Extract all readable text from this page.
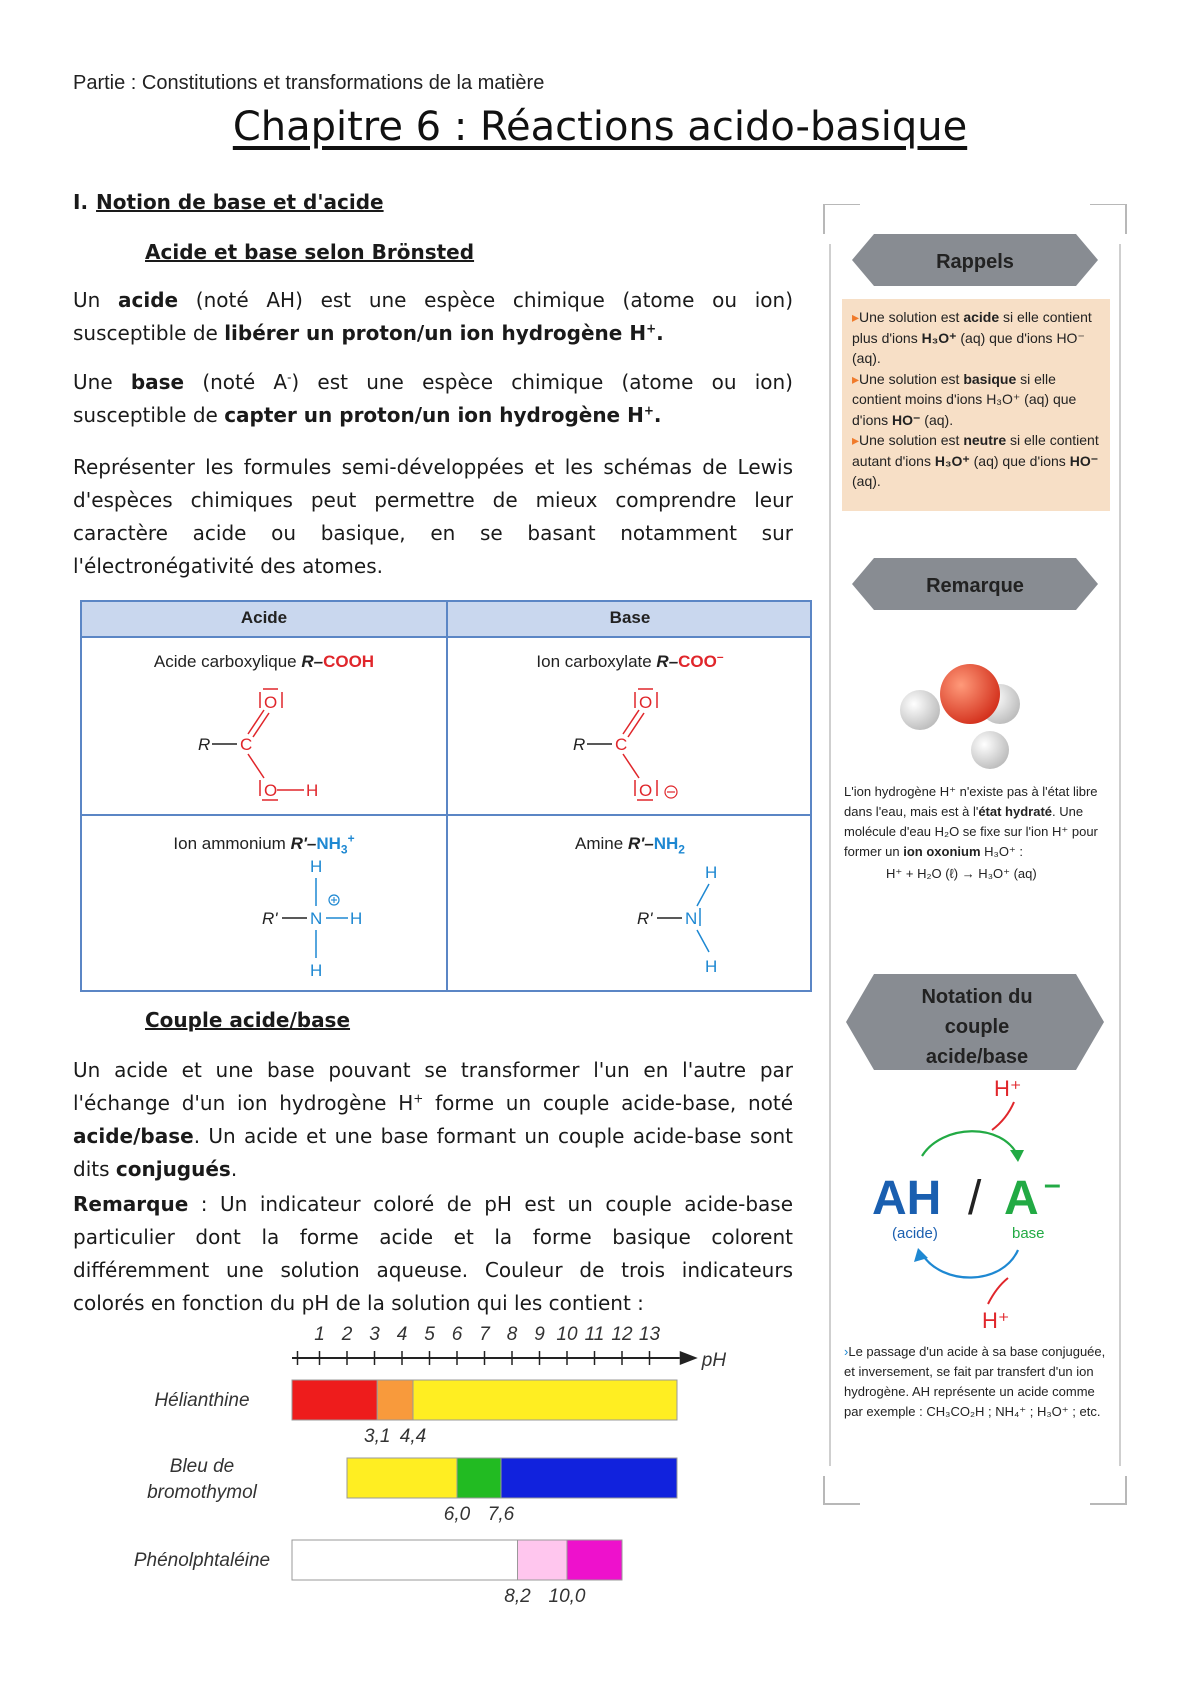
Partie : Constitutions et transformations de la matière
Chapitre 6 : Réactions acido-basique
I. Notion de base et d'acide
Acide et base selon Brönsted
Un acide (noté AH) est une espèce chimique (atome ou ion) susceptible de libérer un proton/un ion hydrogène H+.
Une base (noté A-) est une espèce chimique (atome ou ion) susceptible de capter un proton/un ion hydrogène H+.
Représenter les formules semi-développées et les schémas de Lewis d'espèces chimiques peut permettre de mieux comprendre leur caractère acide ou basique, en se basant notamment sur l'électronégativité des atomes.
Acide	Base
Acide carboxylique R–COOH	Ion carboxylate R–COO–
Ion ammonium $R'-NH_3^+$	Amine $R'-NH_2$
R C
O
O H
R C
O
O
R' N
H
H
H	R' N
H
H
Couple acide/base
Un acide et une base pouvant se transformer l'un en l'autre par l'échange d'un ion hydrogène H+ forme un couple acide-base, noté acide/base. Un acide et une base formant un couple acide-base sont dits conjugués.
Remarque : Un indicateur coloré de pH est un couple acide-base particulier dont la forme acide et la forme basique colorent différemment une solution aqueuse. Couleur de trois indicateurs colorés en fonction du pH de la solution qui les contient :
1 2 3 4 5 6 7 8 9 10 11 12 13
pH
Hélianthine
3,1 4,4
Bleu de
bromothymol
6,0 7,6
Phénolphtaléine
8,2 10,0
Rappels
Remarque
Notation du
couple
acide/base
H⁺
AH / A –
(acide)	base
H⁺

▸Une solution est acide si elle contient plus d'ions H₃O⁺ (aq) que d'ions HO⁻ (aq).

▸Une solution est basique si elle contient moins d'ions H₃O⁺ (aq) que d'ions HO⁻ (aq).

▸Une solution est neutre si elle contient autant d'ions H₃O⁺ (aq) que d'ions HO⁻ (aq).

L'ion hydrogène H⁺ n'existe pas à l'état libre dans l'eau, mais est à l'état hydraté. Une molécule d'eau H₂O se fixe sur l'ion H⁺ pour former un ion oxonium H₃O⁺ :
H⁺ + H₂O (ℓ) → H₃O⁺ (aq)
›Le passage d'un acide à sa base conjuguée, et inversement, se fait par transfert d'un ion hydrogène. AH représente un acide comme par exemple : CH₃CO₂H ; NH₄⁺ ; H₃O⁺ ; etc.
